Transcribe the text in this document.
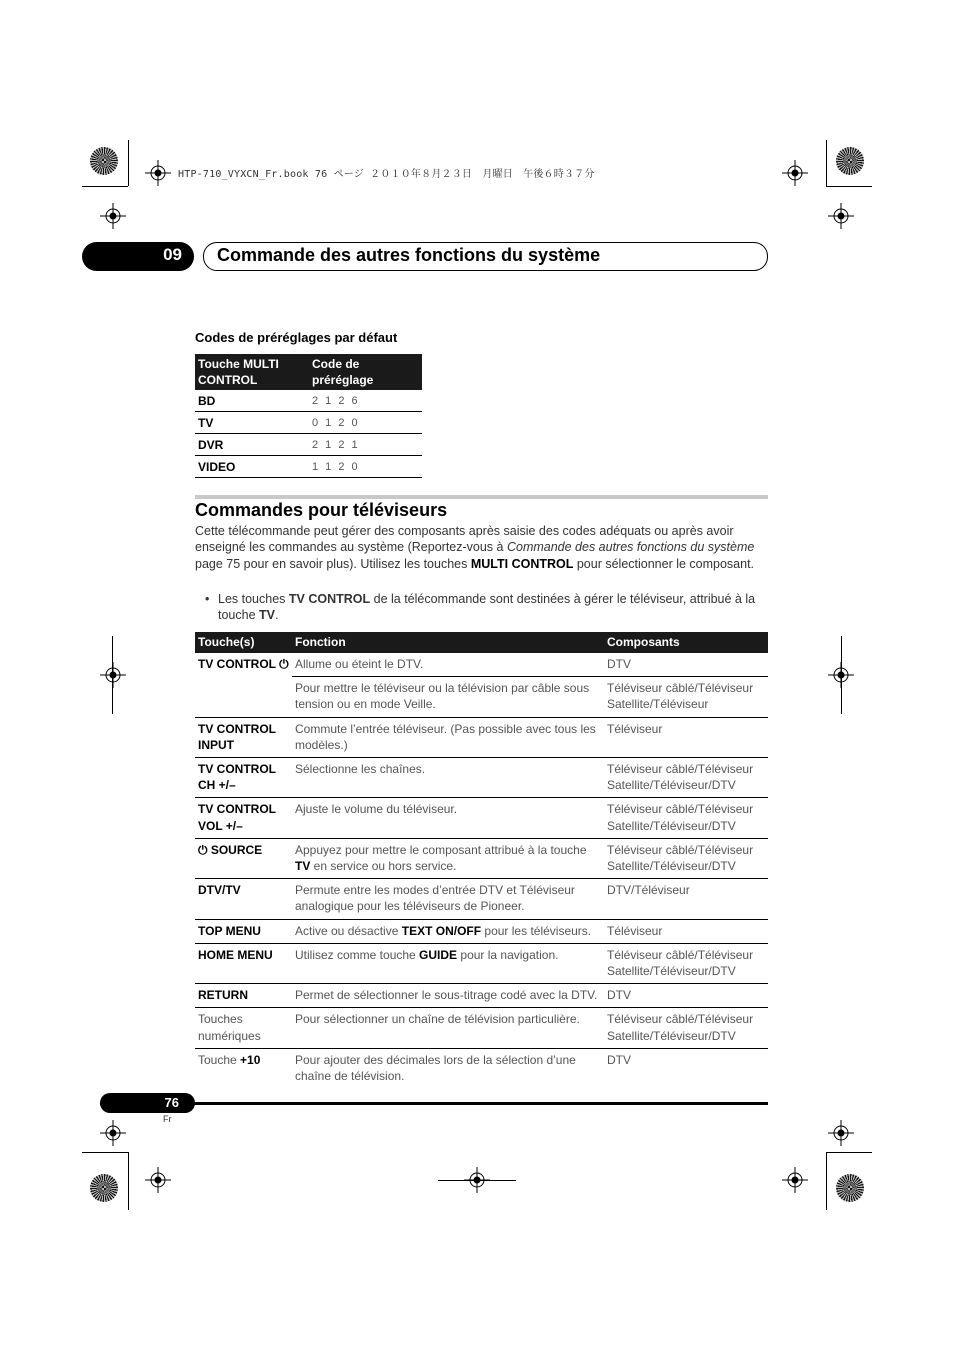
HTP-710_VYXCN_Fr.book 76 ページ ２０１０年８月２３日　月曜日　午後６時３７分
09 Commande des autres fonctions du système
Codes de préréglages par défaut
Touche MULTI CONTROL	Code de préréglage
BD	2 1 2 6
TV	0 1 2 0
DVR	2 1 2 1
VIDEO	1 1 2 0
Commandes pour téléviseurs
Cette télécommande peut gérer des composants après saisie des codes adéquats ou après avoir enseigné les commandes au système (Reportez-vous à Commande des autres fonctions du système page 75 pour en savoir plus). Utilisez les touches MULTI CONTROL pour sélectionner le composant.
• Les touches TV CONTROL de la télécommande sont destinées à gérer le téléviseur, attribué à la touche TV.
Touche(s)	Fonction	Composants
TV CONTROL ⏻	Allume ou éteint le DTV.	DTV
	Pour mettre le téléviseur ou la télévision par câble sous tension ou en mode Veille.	Téléviseur câblé/Téléviseur Satellite/Téléviseur
TV CONTROL INPUT	Commute l’entrée téléviseur. (Pas possible avec tous les modèles.)	Téléviseur
TV CONTROL CH +/–	Sélectionne les chaînes.	Téléviseur câblé/Téléviseur Satellite/Téléviseur/DTV
TV CONTROL VOL +/–	Ajuste le volume du téléviseur.	Téléviseur câblé/Téléviseur Satellite/Téléviseur/DTV
⏻ SOURCE	Appuyez pour mettre le composant attribué à la touche TV en service ou hors service.	Téléviseur câblé/Téléviseur Satellite/Téléviseur/DTV
DTV/TV	Permute entre les modes d’entrée DTV et Téléviseur analogique pour les téléviseurs de Pioneer.	DTV/Téléviseur
TOP MENU	Active ou désactive TEXT ON/OFF pour les téléviseurs.	Téléviseur
HOME MENU	Utilisez comme touche GUIDE pour la navigation.	Téléviseur câblé/Téléviseur Satellite/Téléviseur/DTV
RETURN	Permet de sélectionner le sous-titrage codé avec la DTV.	DTV
Touches numériques	Pour sélectionner un chaîne de télévision particulière.	Téléviseur câblé/Téléviseur Satellite/Téléviseur/DTV
Touche +10	Pour ajouter des décimales lors de la sélection d’une chaîne de télévision.	DTV
76
Fr
